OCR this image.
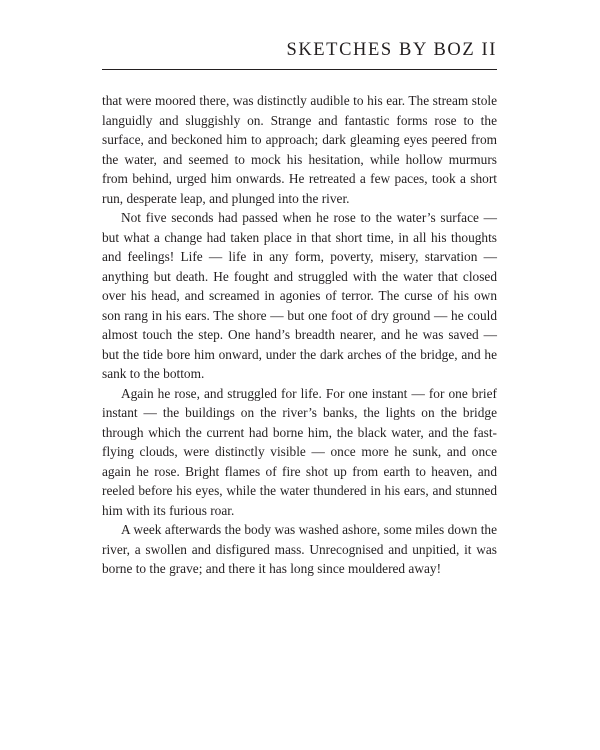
SKETCHES BY BOZ II

that were moored there, was distinctly audible to his ear. The stream stole languidly and sluggishly on. Strange and fantastic forms rose to the surface, and beckoned him to approach; dark gleaming eyes peered from the water, and seemed to mock his hesitation, while hollow murmurs from behind, urged him onwards. He retreated a few paces, took a short run, desperate leap, and plunged into the river.

Not five seconds had passed when he rose to the water’s surface — but what a change had taken place in that short time, in all his thoughts and feelings! Life — life in any form, poverty, misery, starvation — anything but death. He fought and struggled with the water that closed over his head, and screamed in agonies of terror. The curse of his own son rang in his ears. The shore — but one foot of dry ground — he could almost touch the step. One hand’s breadth nearer, and he was saved — but the tide bore him onward, under the dark arches of the bridge, and he sank to the bottom.

Again he rose, and struggled for life. For one instant — for one brief instant — the buildings on the river’s banks, the lights on the bridge through which the current had borne him, the black water, and the fast-flying clouds, were distinctly visible — once more he sunk, and once again he rose. Bright flames of fire shot up from earth to heaven, and reeled before his eyes, while the water thundered in his ears, and stunned him with its furious roar.

A week afterwards the body was washed ashore, some miles down the river, a swollen and disfigured mass. Unrecognised and unpitied, it was borne to the grave; and there it has long since mouldered away!
